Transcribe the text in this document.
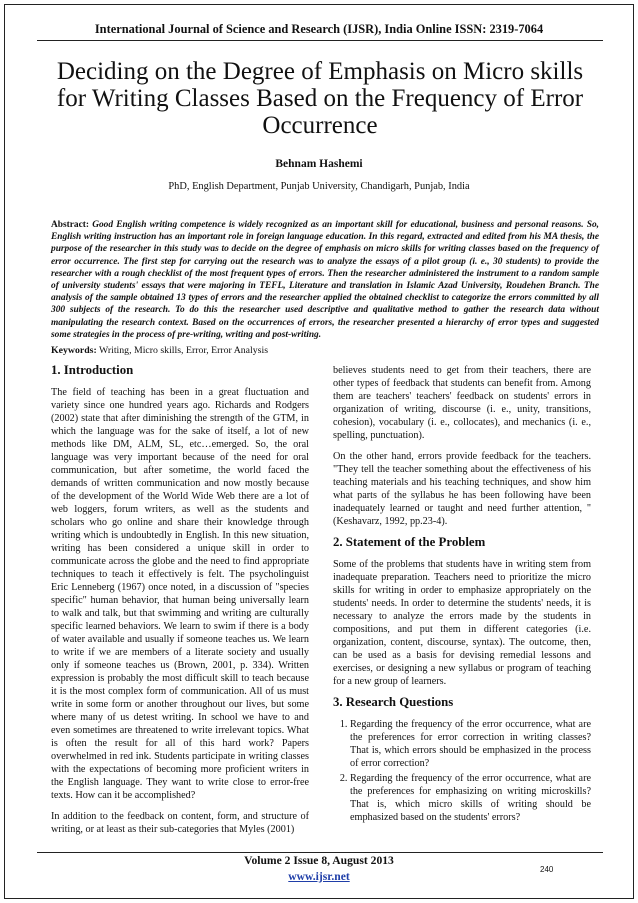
International Journal of Science and Research (IJSR), India Online ISSN: 2319-7064
Deciding on the Degree of Emphasis on Micro skills for Writing Classes Based on the Frequency of Error Occurrence
Behnam Hashemi
PhD, English Department, Punjab University, Chandigarh, Punjab, India
Abstract: Good English writing competence is widely recognized as an important skill for educational, business and personal reasons. So, English writing instruction has an important role in foreign language education. In this regard, extracted and edited from his MA thesis, the purpose of the researcher in this study was to decide on the degree of emphasis on micro skills for writing classes based on the frequency of error occurrence. The first step for carrying out the research was to analyze the essays of a pilot group (i. e., 30 students) to provide the researcher with a rough checklist of the most frequent types of errors. Then the researcher administered the instrument to a random sample of university students' essays that were majoring in TEFL, Literature and translation in Islamic Azad University, Roudehen Branch. The analysis of the sample obtained 13 types of errors and the researcher applied the obtained checklist to categorize the errors committed by all 300 subjects of the research. To do this the researcher used descriptive and qualitative method to gather the research data without manipulating the research context. Based on the occurrences of errors, the researcher presented a hierarchy of error types and suggested some strategies in the process of pre-writing, writing and post-writing.
Keywords: Writing, Micro skills, Error, Error Analysis
1. Introduction

The field of teaching has been in a great fluctuation and variety since one hundred years ago. Richards and Rodgers (2002) state that after diminishing the strength of the GTM, in which the language was for the sake of itself, a lot of new methods like DM, ALM, SL, etc…emerged. So, the oral language was very important because of the need for oral communication, but after sometime, the world faced the demands of written communication and now mostly because of the development of the World Wide Web there are a lot of web loggers, forum writers, as well as the students and scholars who go online and share their knowledge through writing which is undoubtedly in English. In this new situation, writing has been considered a unique skill in order to communicate across the globe and the need to find appropriate techniques to teach it effectively is felt. The psycholinguist Eric Lenneberg (1967) once noted, in a discussion of "species specific" human behavior, that human being universally learn to walk and talk, but that swimming and writing are culturally specific learned behaviors. We learn to swim if there is a body of water available and usually if someone teaches us. We learn to write if we are members of a literate society and usually only if someone teaches us (Brown, 2001, p. 334). Written expression is probably the most difficult skill to teach because it is the most complex form of communication. All of us must write in some form or another throughout our lives, but some where many of us detest writing. In school we have to and even sometimes are threatened to write irrelevant topics. What is often the result for all of this hard work? Papers overwhelmed in red ink. Students participate in writing classes with the expectations of becoming more proficient writers in the English language. They want to write close to error-free texts. How can it be accomplished?

In addition to the feedback on content, form, and structure of writing, or at least as their sub-categories that Myles (2001)

believes students need to get from their teachers, there are other types of feedback that students can benefit from. Among them are teachers' teachers' feedback on students' errors in organization of writing, discourse (i. e., unity, transitions, cohesion), vocabulary (i. e., collocates), and mechanics (i. e., spelling, punctuation).

On the other hand, errors provide feedback for the teachers. "They tell the teacher something about the effectiveness of his teaching materials and his teaching techniques, and show him what parts of the syllabus he has been following have been inadequately learned or taught and need further attention, " (Keshavarz, 1992, pp.23-4).

2. Statement of the Problem

Some of the problems that students have in writing stem from inadequate preparation. Teachers need to prioritize the micro skills for writing in order to emphasize appropriately on the students' needs. In order to determine the students' needs, it is necessary to analyze the errors made by the students in compositions, and put them in different categories (i.e. organization, content, discourse, syntax). The outcome, then, can be used as a basis for devising remedial lessons and exercises, or designing a new syllabus or program of teaching for a new group of learners.

3. Research Questions
1. Regarding the frequency of the error occurrence, what are the preferences for error correction in writing classes? That is, which errors should be emphasized in the process of error correction?
2. Regarding the frequency of the error occurrence, what are the preferences for emphasizing on writing microskills? That is, which micro skills of writing should be emphasized based on the students' errors?
Volume 2 Issue 8, August 2013
www.ijsr.net
240
